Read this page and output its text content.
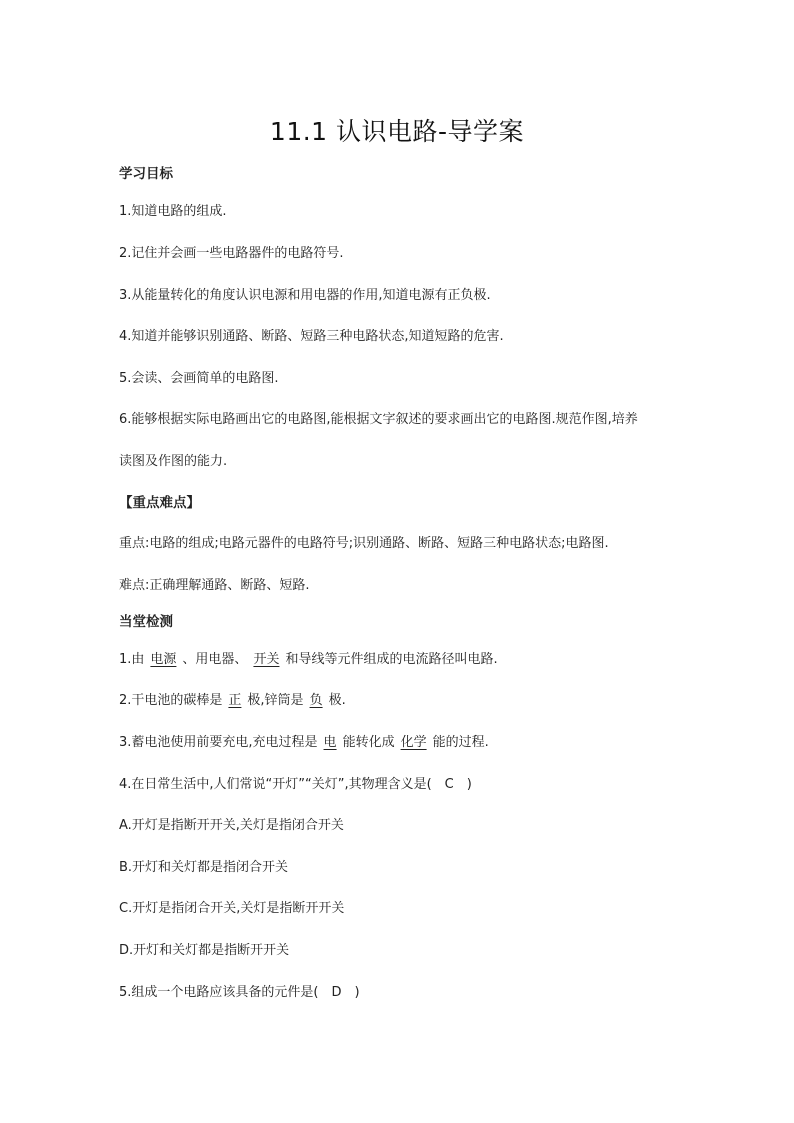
11.1 认识电路-导学案
学习目标
1.知道电路的组成.
2.记住并会画一些电路器件的电路符号.
3.从能量转化的角度认识电源和用电器的作用,知道电源有正负极.
4.知道并能够识别通路、断路、短路三种电路状态,知道短路的危害.
5.会读、会画简单的电路图.
6.能够根据实际电路画出它的电路图,能根据文字叙述的要求画出它的电路图.规范作图,培养
读图及作图的能力.
【重点难点】
重点:电路的组成;电路元器件的电路符号;识别通路、断路、短路三种电路状态;电路图.
难点:正确理解通路、断路、短路.
当堂检测
1.由 电源 、用电器、 开关 和导线等元件组成的电流路径叫电路.
2.干电池的碳棒是 正 极,锌筒是 负 极.
3.蓄电池使用前要充电,充电过程是 电 能转化成 化学 能的过程.
4.在日常生活中,人们常说“开灯”“关灯”,其物理含义是(　C　)
A.开灯是指断开开关,关灯是指闭合开关
B.开灯和关灯都是指闭合开关
C.开灯是指闭合开关,关灯是指断开开关
D.开灯和关灯都是指断开开关
5.组成一个电路应该具备的元件是(　D　)
